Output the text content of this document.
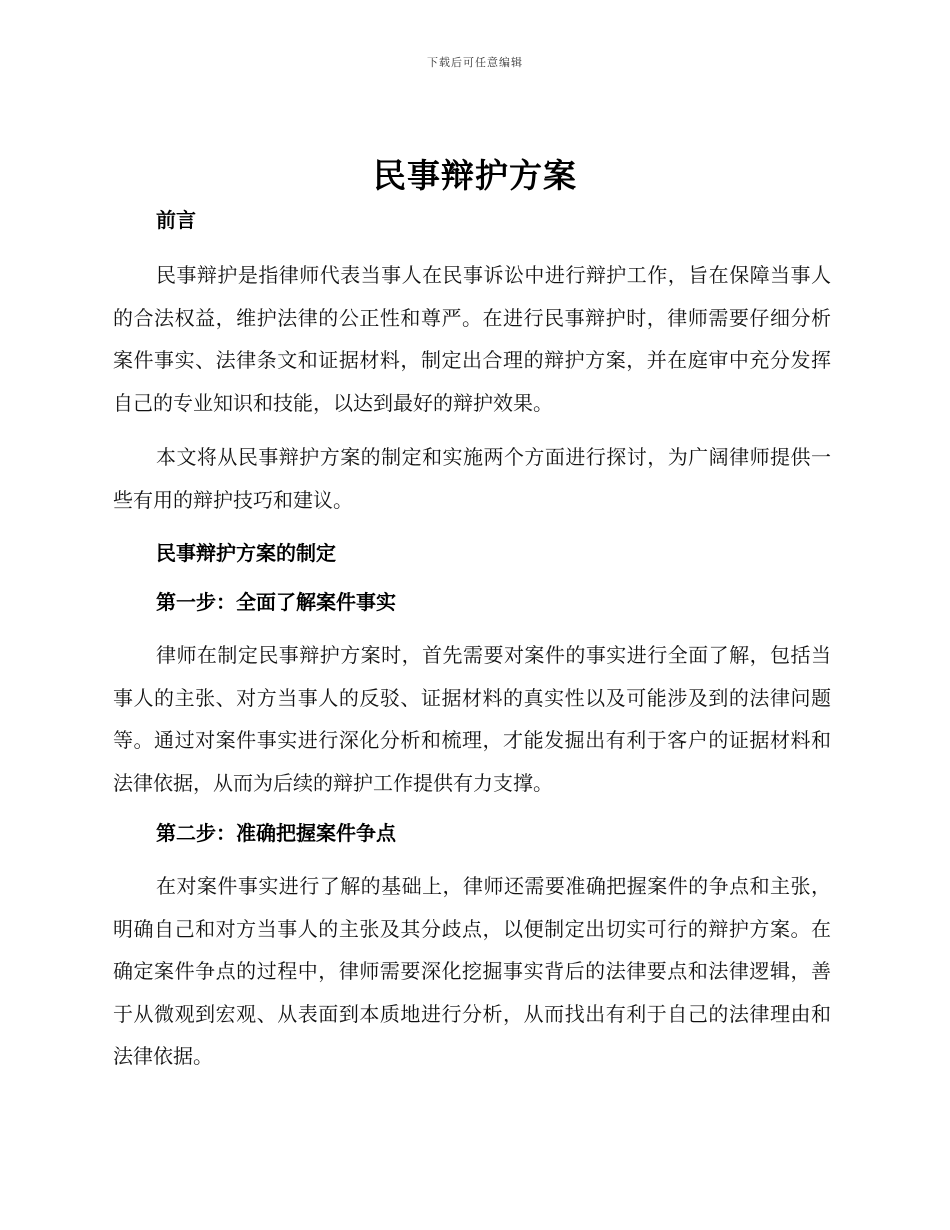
下载后可任意编辑
民事辩护方案

前言

民事辩护是指律师代表当事人在民事诉讼中进行辩护工作，旨在保障当事人的合法权益，维护法律的公正性和尊严。在进行民事辩护时，律师需要仔细分析案件事实、法律条文和证据材料，制定出合理的辩护方案，并在庭审中充分发挥自己的专业知识和技能，以达到最好的辩护效果。

本文将从民事辩护方案的制定和实施两个方面进行探讨，为广阔律师提供一些有用的辩护技巧和建议。

民事辩护方案的制定

第一步：全面了解案件事实

律师在制定民事辩护方案时，首先需要对案件的事实进行全面了解，包括当事人的主张、对方当事人的反驳、证据材料的真实性以及可能涉及到的法律问题等。通过对案件事实进行深化分析和梳理，才能发掘出有利于客户的证据材料和法律依据，从而为后续的辩护工作提供有力支撑。

第二步：准确把握案件争点

在对案件事实进行了解的基础上，律师还需要准确把握案件的争点和主张，明确自己和对方当事人的主张及其分歧点，以便制定出切实可行的辩护方案。在确定案件争点的过程中，律师需要深化挖掘事实背后的法律要点和法律逻辑，善于从微观到宏观、从表面到本质地进行分析，从而找出有利于自己的法律理由和法律依据。
